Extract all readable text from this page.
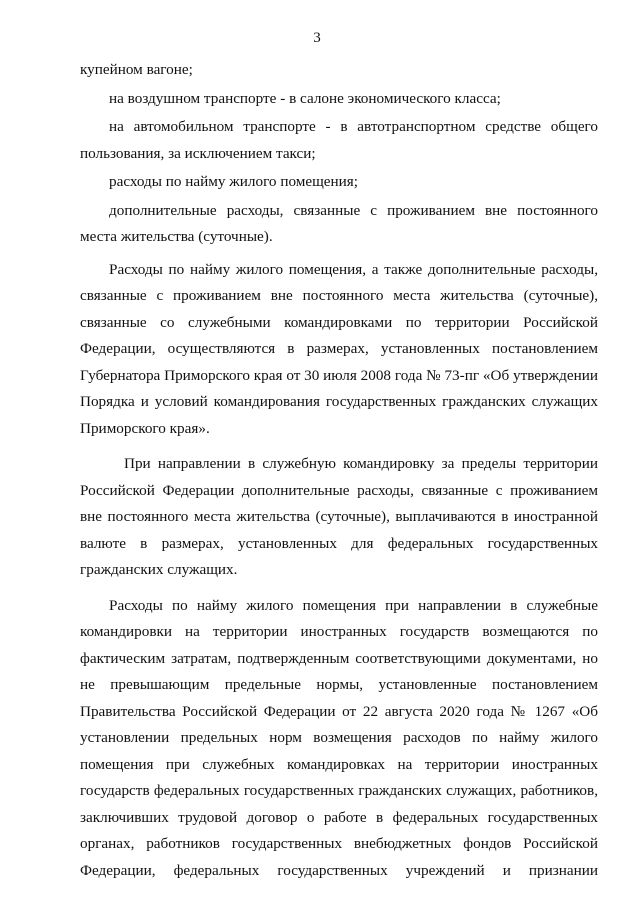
3

купейном вагоне;

на воздушном транспорте - в салоне экономического класса;

на автомобильном транспорте - в автотранспортном средстве общего пользования, за исключением такси;

расходы по найму жилого помещения;

дополнительные расходы, связанные с проживанием вне постоянного места жительства (суточные).

Расходы по найму жилого помещения, а также дополнительные расходы, связанные с проживанием вне постоянного места жительства (суточные), связанные со служебными командировками по территории Российской Федерации, осуществляются в размерах, установленных постановлением Губернатора Приморского края от 30 июля 2008 года № 73-пг «Об утверждении Порядка и условий командирования государственных гражданских служащих Приморского края».

При направлении в служебную командировку за пределы территории Российской Федерации дополнительные расходы, связанные с проживанием вне постоянного места жительства (суточные), выплачиваются в иностранной валюте в размерах, установленных для федеральных государственных гражданских служащих.

Расходы по найму жилого помещения при направлении в служебные командировки на территории иностранных государств возмещаются по фактическим затратам, подтвержденным соответствующими документами, но не превышающим предельные нормы, установленные постановлением Правительства Российской Федерации от 22 августа 2020 года № 1267 «Об установлении предельных норм возмещения расходов по найму жилого помещения при служебных командировках на территории иностранных государств федеральных государственных гражданских служащих, работников, заключивших трудовой договор о работе в федеральных государственных органах, работников государственных внебюджетных фондов Российской Федерации, федеральных государственных учреждений и признании
